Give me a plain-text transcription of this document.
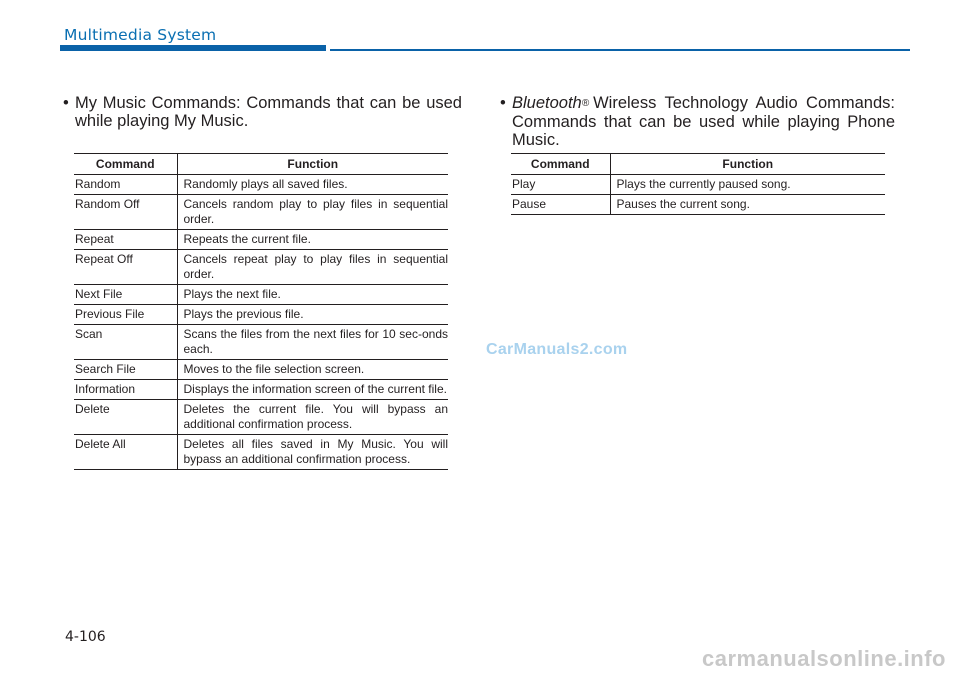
Multimedia System

• My Music Commands: Commands that can be used while playing My Music.

Command	Function
Random	Randomly plays all saved files.
Random Off	Cancels random play to play files in sequential order.
Repeat	Repeats the current file.
Repeat Off	Cancels repeat play to play files in sequential order.
Next File	Plays the next file.
Previous File	Plays the previous file.
Scan	Scans the files from the next files for 10 sec-onds each.
Search File	Moves to the file selection screen.
Information	Displays the information screen of the current file.
Delete	Deletes the current file. You will bypass an additional confirmation process.
Delete All	Deletes all files saved in My Music. You will bypass an additional confirmation process.

• Bluetooth® Wireless Technology Audio Commands: Commands that can be used while playing Phone Music.

Command	Function
Play	Plays the currently paused song.
Pause	Pauses the current song.
CarManuals2.com
4-106
carmanualsonline.info
